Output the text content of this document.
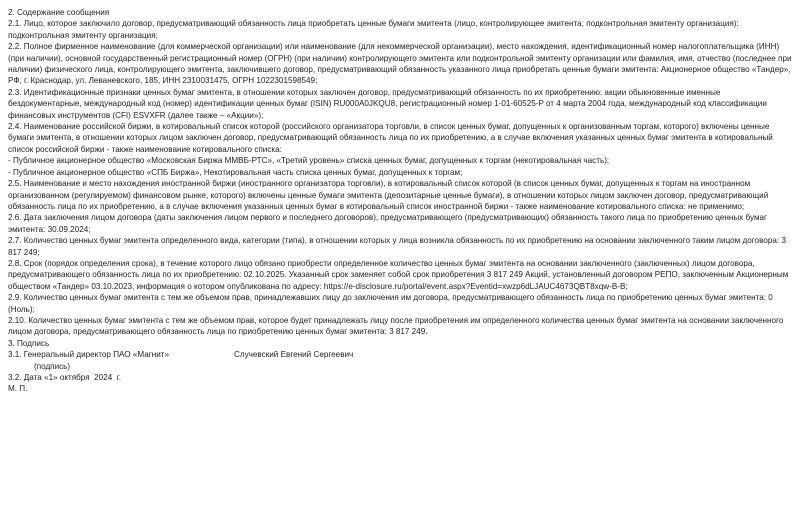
2. Содержание сообщения

2.1. Лицо, которое заключило договор, предусматривающий обязанность лица приобретать ценные бумаги эмитента (лицо, контролирующее эмитента; подконтрольная эмитенту организация): подконтрольная эмитенту организация;

2.2. Полное фирменное наименование (для коммерческой организации) или наименование (для некоммерческой организации), место нахождения, идентификационный номер налогоплательщика (ИНН) (при наличии), основной государственный регистрационный номер (ОГРН) (при наличии) контролирующего эмитента или подконтрольной эмитенту организации или фамилия, имя, отчество (последнее при наличии) физического лица, контролирующего эмитента, заключившего договор, предусматривающий обязанность указанного лица приобретать ценные бумаги эмитента: Акционерное общество «Тандер», РФ, г. Краснодар, ул. Леваневского, 185, ИНН 2310031475, ОГРН 1022301598549;

2.3. Идентификационные признаки ценных бумаг эмитента, в отношении которых заключен договор, предусматривающий обязанность по их приобретению: акции обыкновенные именные бездокументарные, международный код (номер) идентификации ценных бумаг (ISIN) RU000A0JKQU8, регистрационный номер 1-01-60525-P от 4 марта 2004 года, международный код классификации финансовых инструментов (CFI) ESVXFR (далее также – «Акции»);

2.4. Наименование российской биржи, в котировальный список которой (российского организатора торговли, в список ценных бумаг, допущенных к организованным торгам, которого) включены ценные бумаги эмитента, в отношении которых лицом заключен договор, предусматривающий обязанность лица по их приобретению, а в случае включения указанных ценных бумаг эмитента в котировальный список российской биржи - также наименование котировального списка:

- Публичное акционерное общество «Московская Биржа ММВБ-РТС», «Третий уровень» списка ценных бумаг, допущенных к торгам (некотировальная часть);

- Публичное акционерное общество «СПБ Биржа», Некотировальная часть списка ценных бумаг, допущенных к торгам;

2.5. Наименование и место нахождения иностранной биржи (иностранного организатора торговли), в котировальный список которой (в список ценных бумаг, допущенных к торгам на иностранном организованном (регулируемом) финансовом рынке, которого) включены ценные бумаги эмитента (депозитарные ценные бумаги), в отношении которых лицом заключен договор, предусматривающий обязанность лица по их приобретению, а в случае включения указанных ценных бумаг в котировальный список иностранной биржи - также наименование котировального списка: не применимо;

2.6. Дата заключения лицом договора (даты заключения лицом первого и последнего договоров), предусматривающего (предусматривающих) обязанность такого лица по приобретению ценных бумаг эмитента: 30.09.2024;

2.7. Количество ценных бумаг эмитента определенного вида, категории (типа), в отношении которых у лица возникла обязанность по их приобретению на основании заключенного таким лицом договора: 3 817 249;

2.8. Срок (порядок определения срока), в течение которого лицо обязано приобрести определенное количество ценных бумаг эмитента на основании заключенного (заключенных) лицом договора, предусматривающего обязанность лица по их приобретению: 02.10.2025. Указанный срок заменяет собой срок приобретения 3 817 249 Акций, установленный договором РЕПО, заключенным Акционерным обществом «Тандер» 03.10.2023, информация о котором опубликована по адресу: https://e-disclosure.ru/portal/event.aspx?Eventid=xwzp6dLJAUC4673QBT8xqw-B-B;

2.9. Количество ценных бумаг эмитента с тем же объемом прав, принадлежавших лицу до заключения им договора, предусматривающего обязанность лица по приобретению ценных бумаг эмитента: 0 (Ноль);

2.10. Количество ценных бумаг эмитента с тем же объемом прав, которое будет принадлежать лицу после приобретения им определенного количества ценных бумаг эмитента на основании заключенного лицом договора, предусматривающего обязанность лица по приобретению ценных бумаг эмитента: 3 817 249.

3. Подпись
3.1. Генеральный директор ПАО «Магнит»	Случевский Евгений Сергеевич
(подпись)
3.2. Дата «1» октября  2024  г.
М. П.
